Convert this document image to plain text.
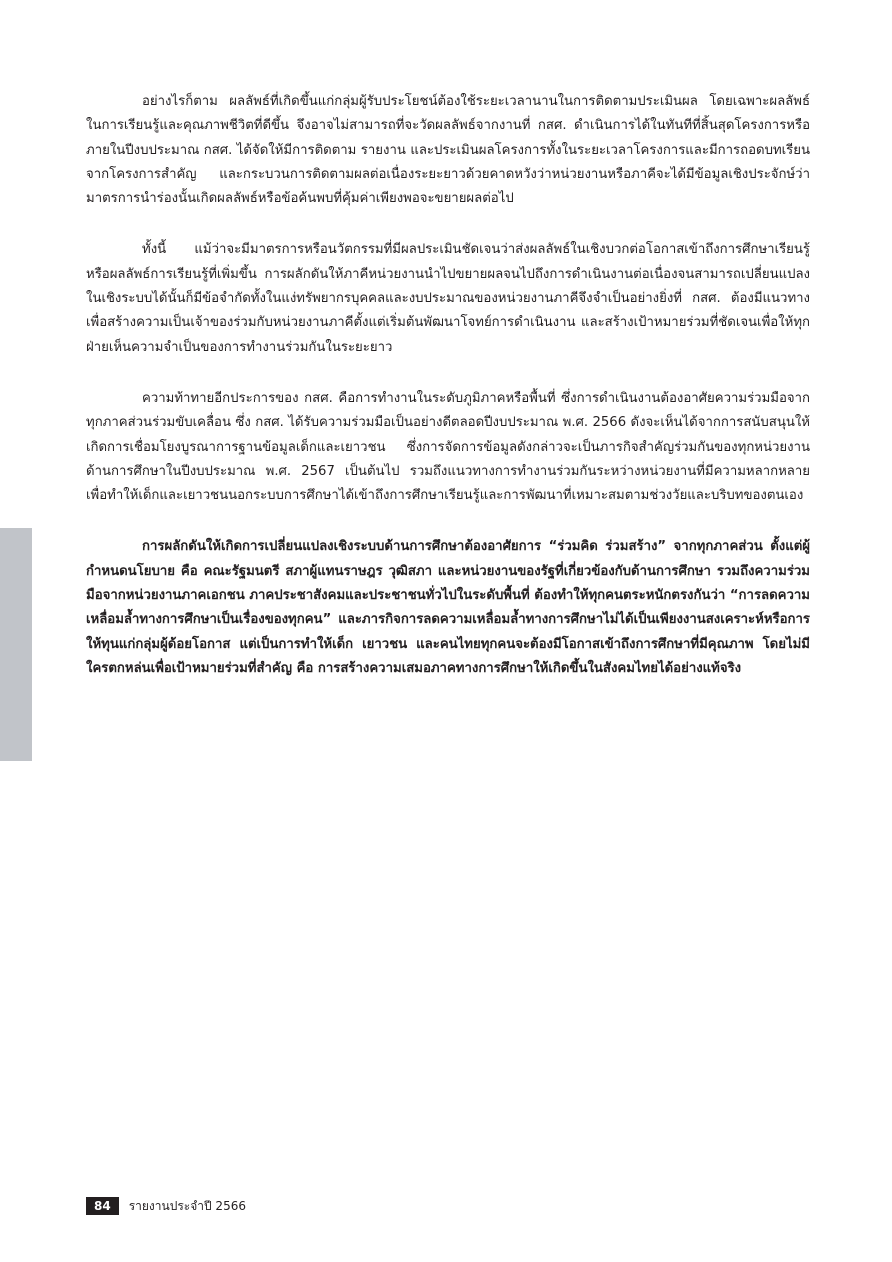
อย่างไรก็ตาม ผลลัพธ์ที่เกิดขึ้นแก่กลุ่มผู้รับประโยชน์ต้องใช้ระยะเวลานานในการติดตามประเมินผล โดยเฉพาะผลลัพธ์ในการเรียนรู้และคุณภาพชีวิตที่ดีขึ้น จึงอาจไม่สามารถที่จะวัดผลลัพธ์จากงานที่ กสศ. ดำเนินการได้ในทันทีที่สิ้นสุดโครงการหรือภายในปีงบประมาณ กสศ. ได้จัดให้มีการติดตาม รายงาน และประเมินผลโครงการทั้งในระยะเวลาโครงการและมีการถอดบทเรียนจากโครงการสำคัญ และกระบวนการติดตามผลต่อเนื่องระยะยาวด้วยคาดหวังว่าหน่วยงานหรือภาคีจะได้มีข้อมูลเชิงประจักษ์ว่ามาตรการนำร่องนั้นเกิดผลลัพธ์หรือข้อค้นพบที่คุ้มค่าเพียงพอจะขยายผลต่อไป

ทั้งนี้ แม้ว่าจะมีมาตรการหรือนวัตกรรมที่มีผลประเมินชัดเจนว่าส่งผลลัพธ์ในเชิงบวกต่อโอกาสเข้าถึงการศึกษาเรียนรู้ หรือผลลัพธ์การเรียนรู้ที่เพิ่มขึ้น การผลักดันให้ภาคีหน่วยงานนำไปขยายผลจนไปถึงการดำเนินงานต่อเนื่องจนสามารถเปลี่ยนแปลงในเชิงระบบได้นั้นก็มีข้อจำกัดทั้งในแง่ทรัพยากรบุคคลและงบประมาณของหน่วยงานภาคีจึงจำเป็นอย่างยิ่งที่ กสศ. ต้องมีแนวทางเพื่อสร้างความเป็นเจ้าของร่วมกับหน่วยงานภาคีตั้งแต่เริ่มต้นพัฒนาโจทย์การดำเนินงาน และสร้างเป้าหมายร่วมที่ชัดเจนเพื่อให้ทุกฝ่ายเห็นความจำเป็นของการทำงานร่วมกันในระยะยาว

ความท้าทายอีกประการของ กสศ. คือการทำงานในระดับภูมิภาคหรือพื้นที่ ซึ่งการดำเนินงานต้องอาศัยความร่วมมือจากทุกภาคส่วนร่วมขับเคลื่อน ซึ่ง กสศ. ได้รับความร่วมมือเป็นอย่างดีตลอดปีงบประมาณ พ.ศ. 2566 ดังจะเห็นได้จากการสนับสนุนให้เกิดการเชื่อมโยงบูรณาการฐานข้อมูลเด็กและเยาวชน ซึ่งการจัดการข้อมูลดังกล่าวจะเป็นภารกิจสำคัญร่วมกันของทุกหน่วยงานด้านการศึกษาในปีงบประมาณ พ.ศ. 2567 เป็นต้นไป รวมถึงแนวทางการทำงานร่วมกันระหว่างหน่วยงานที่มีความหลากหลาย เพื่อทำให้เด็กและเยาวชนนอกระบบการศึกษาได้เข้าถึงการศึกษาเรียนรู้และการพัฒนาที่เหมาะสมตามช่วงวัยและบริบทของตนเอง

การผลักดันให้เกิดการเปลี่ยนแปลงเชิงระบบด้านการศึกษาต้องอาศัยการ “ร่วมคิด ร่วมสร้าง” จากทุกภาคส่วน ตั้งแต่ผู้กำหนดนโยบาย คือ คณะรัฐมนตรี สภาผู้แทนราษฎร วุฒิสภา และหน่วยงานของรัฐที่เกี่ยวข้องกับด้านการศึกษา รวมถึงความร่วมมือจากหน่วยงานภาคเอกชน ภาคประชาสังคมและประชาชนทั่วไปในระดับพื้นที่ ต้องทำให้ทุกคนตระหนักตรงกันว่า “การลดความเหลื่อมล้ำทางการศึกษาเป็นเรื่องของทุกคน” และภารกิจการลดความเหลื่อมล้ำทางการศึกษาไม่ได้เป็นเพียงงานสงเคราะห์หรือการให้ทุนแก่กลุ่มผู้ด้อยโอกาส แต่เป็นการทำให้เด็ก เยาวชน และคนไทยทุกคนจะต้องมีโอกาสเข้าถึงการศึกษาที่มีคุณภาพ โดยไม่มีใครตกหล่นเพื่อเป้าหมายร่วมที่สำคัญ คือ การสร้างความเสมอภาคทางการศึกษาให้เกิดขึ้นในสังคมไทยได้อย่างแท้จริง

84	รายงานประจำปี 2566
